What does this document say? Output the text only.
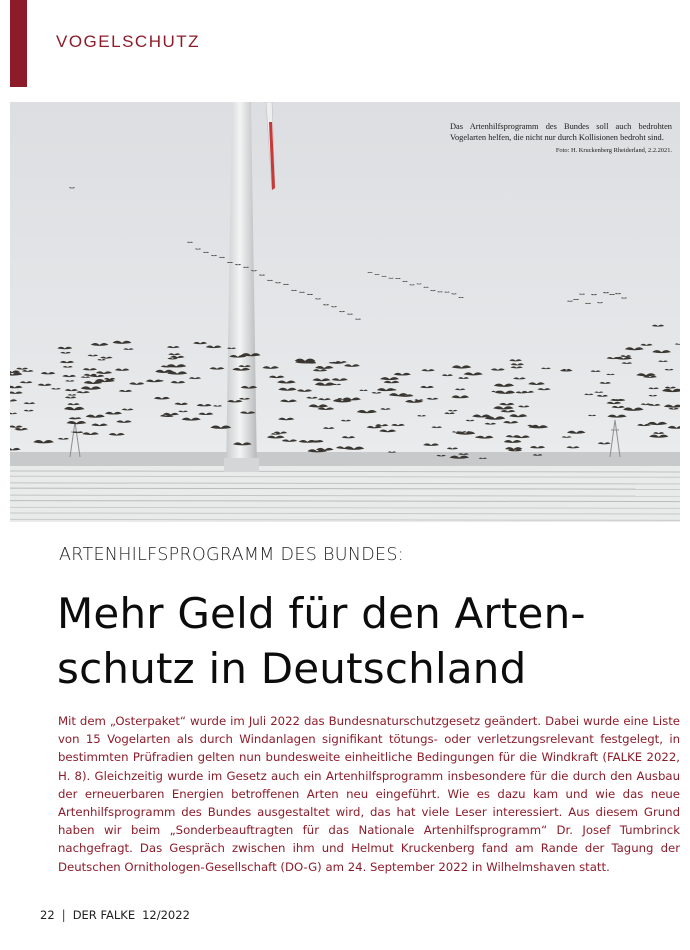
VOGELSCHUTZ
Das Artenhilfsprogramm des Bundes soll auch bedrohten Vogelarten helfen, die nicht nur durch Kollisionen bedroht sind.
Foto: H. Kruckenberg Rheiderland, 2.2.2021.
ARTENHILFSPROGRAMM DES BUNDES:
Mehr Geld für den Arten-
schutz in Deutschland

Mit dem „Osterpaket“ wurde im Juli 2022 das Bundesnaturschutzgesetz geändert. Dabei wurde eine Liste von 15 Vogelarten als durch Windanlagen signifikant tötungs- oder verletzungsrelevant festgelegt, in bestimmten Prüfradien gelten nun bundesweite einheitliche Bedingungen für die Windkraft (FALKE 2022, H. 8). Gleichzeitig wurde im Gesetz auch ein Artenhilfsprogramm insbesondere für die durch den Ausbau der erneuerbaren Energien betroffenen Arten neu eingeführt. Wie es dazu kam und wie das neue Artenhilfsprogramm des Bundes ausgestaltet wird, das hat viele Leser interessiert. Aus diesem Grund haben wir beim „Sonderbeauftragten für das Nationale Artenhilfsprogramm“ Dr. Josef Tumbrinck nachgefragt. Das Gespräch zwischen ihm und Helmut Kruckenberg fand am Rande der Tagung der Deutschen Ornithologen-Gesellschaft (DO-G) am 24. September 2022 in Wilhelmshaven statt.

22 | DER FALKE 12/2022
